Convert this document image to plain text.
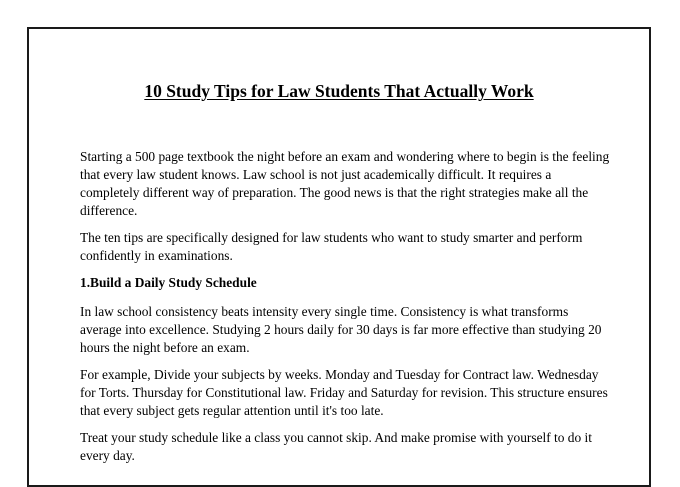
10 Study Tips for Law Students That Actually Work

Starting a 500 page textbook the night before an exam and wondering where to begin is the feeling that every law student knows. Law school is not just academically difficult. It requires a completely different way of preparation. The good news is that the right strategies make all the difference.

The ten tips are specifically designed for law students who want to study smarter and perform confidently in examinations.

1.Build a Daily Study Schedule

In law school consistency beats intensity every single time. Consistency is what transforms average into excellence. Studying 2 hours daily for 30 days is far more effective than studying 20 hours the night before an exam.

For example, Divide your subjects by weeks. Monday and Tuesday for Contract law. Wednesday for Torts. Thursday for Constitutional law. Friday and Saturday for revision. This structure ensures that every subject gets regular attention until it's too late.

Treat your study schedule like a class you cannot skip. And make promise with yourself to do it every day.
